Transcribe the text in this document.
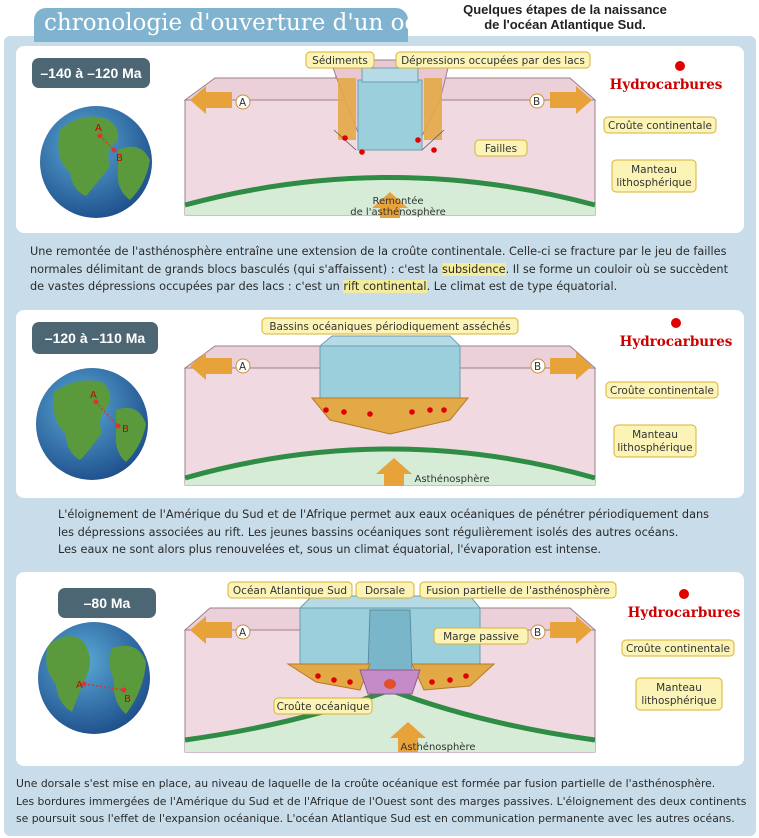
chronologie d'ouverture d'un océan
Quelques étapes de la naissance
de l'océan Atlantique Sud.
–140 à –120 Ma
–120 à –110 Ma
–80 Ma
A
B
A	B
Remontée
de l'asthénosphère
Sédiments	Dépressions occupées par des lacs
Failles
Croûte continentale
Manteau
lithosphérique
Hydrocarbures
A
B
A	B
Asthénosphère
Bassins océaniques périodiquement asséchés
Croûte continentale
Manteau
lithosphérique
Hydrocarbures
A
B
A	B
Asthénosphère
Océan Atlantique Sud Dorsale Fusion partielle de l'asthénosphère
Marge passive
Croûte continentale
Manteau
lithosphérique
Croûte océanique
Hydrocarbures
Une remontée de l'asthénosphère entraîne une extension de la croûte continentale. Celle-ci se fracture par le jeu de failles
normales délimitant de grands blocs basculés (qui s'affaissent) : c'est la subsidence. Il se forme un couloir où se succèdent
de vastes dépressions occupées par des lacs : c'est un rift continental. Le climat est de type équatorial.
L'éloignement de l'Amérique du Sud et de l'Afrique permet aux eaux océaniques de pénétrer périodiquement dans
les dépressions associées au rift. Les jeunes bassins océaniques sont régulièrement isolés des autres océans.
Les eaux ne sont alors plus renouvelées et, sous un climat équatorial, l'évaporation est intense.
Une dorsale s'est mise en place, au niveau de laquelle de la croûte océanique est formée par fusion partielle de l'asthénosphère.
Les bordures immergées de l'Amérique du Sud et de l'Afrique de l'Ouest sont des marges passives. L'éloignement des deux continents
se poursuit sous l'effet de l'expansion océanique. L'océan Atlantique Sud est en communication permanente avec les autres océans.
